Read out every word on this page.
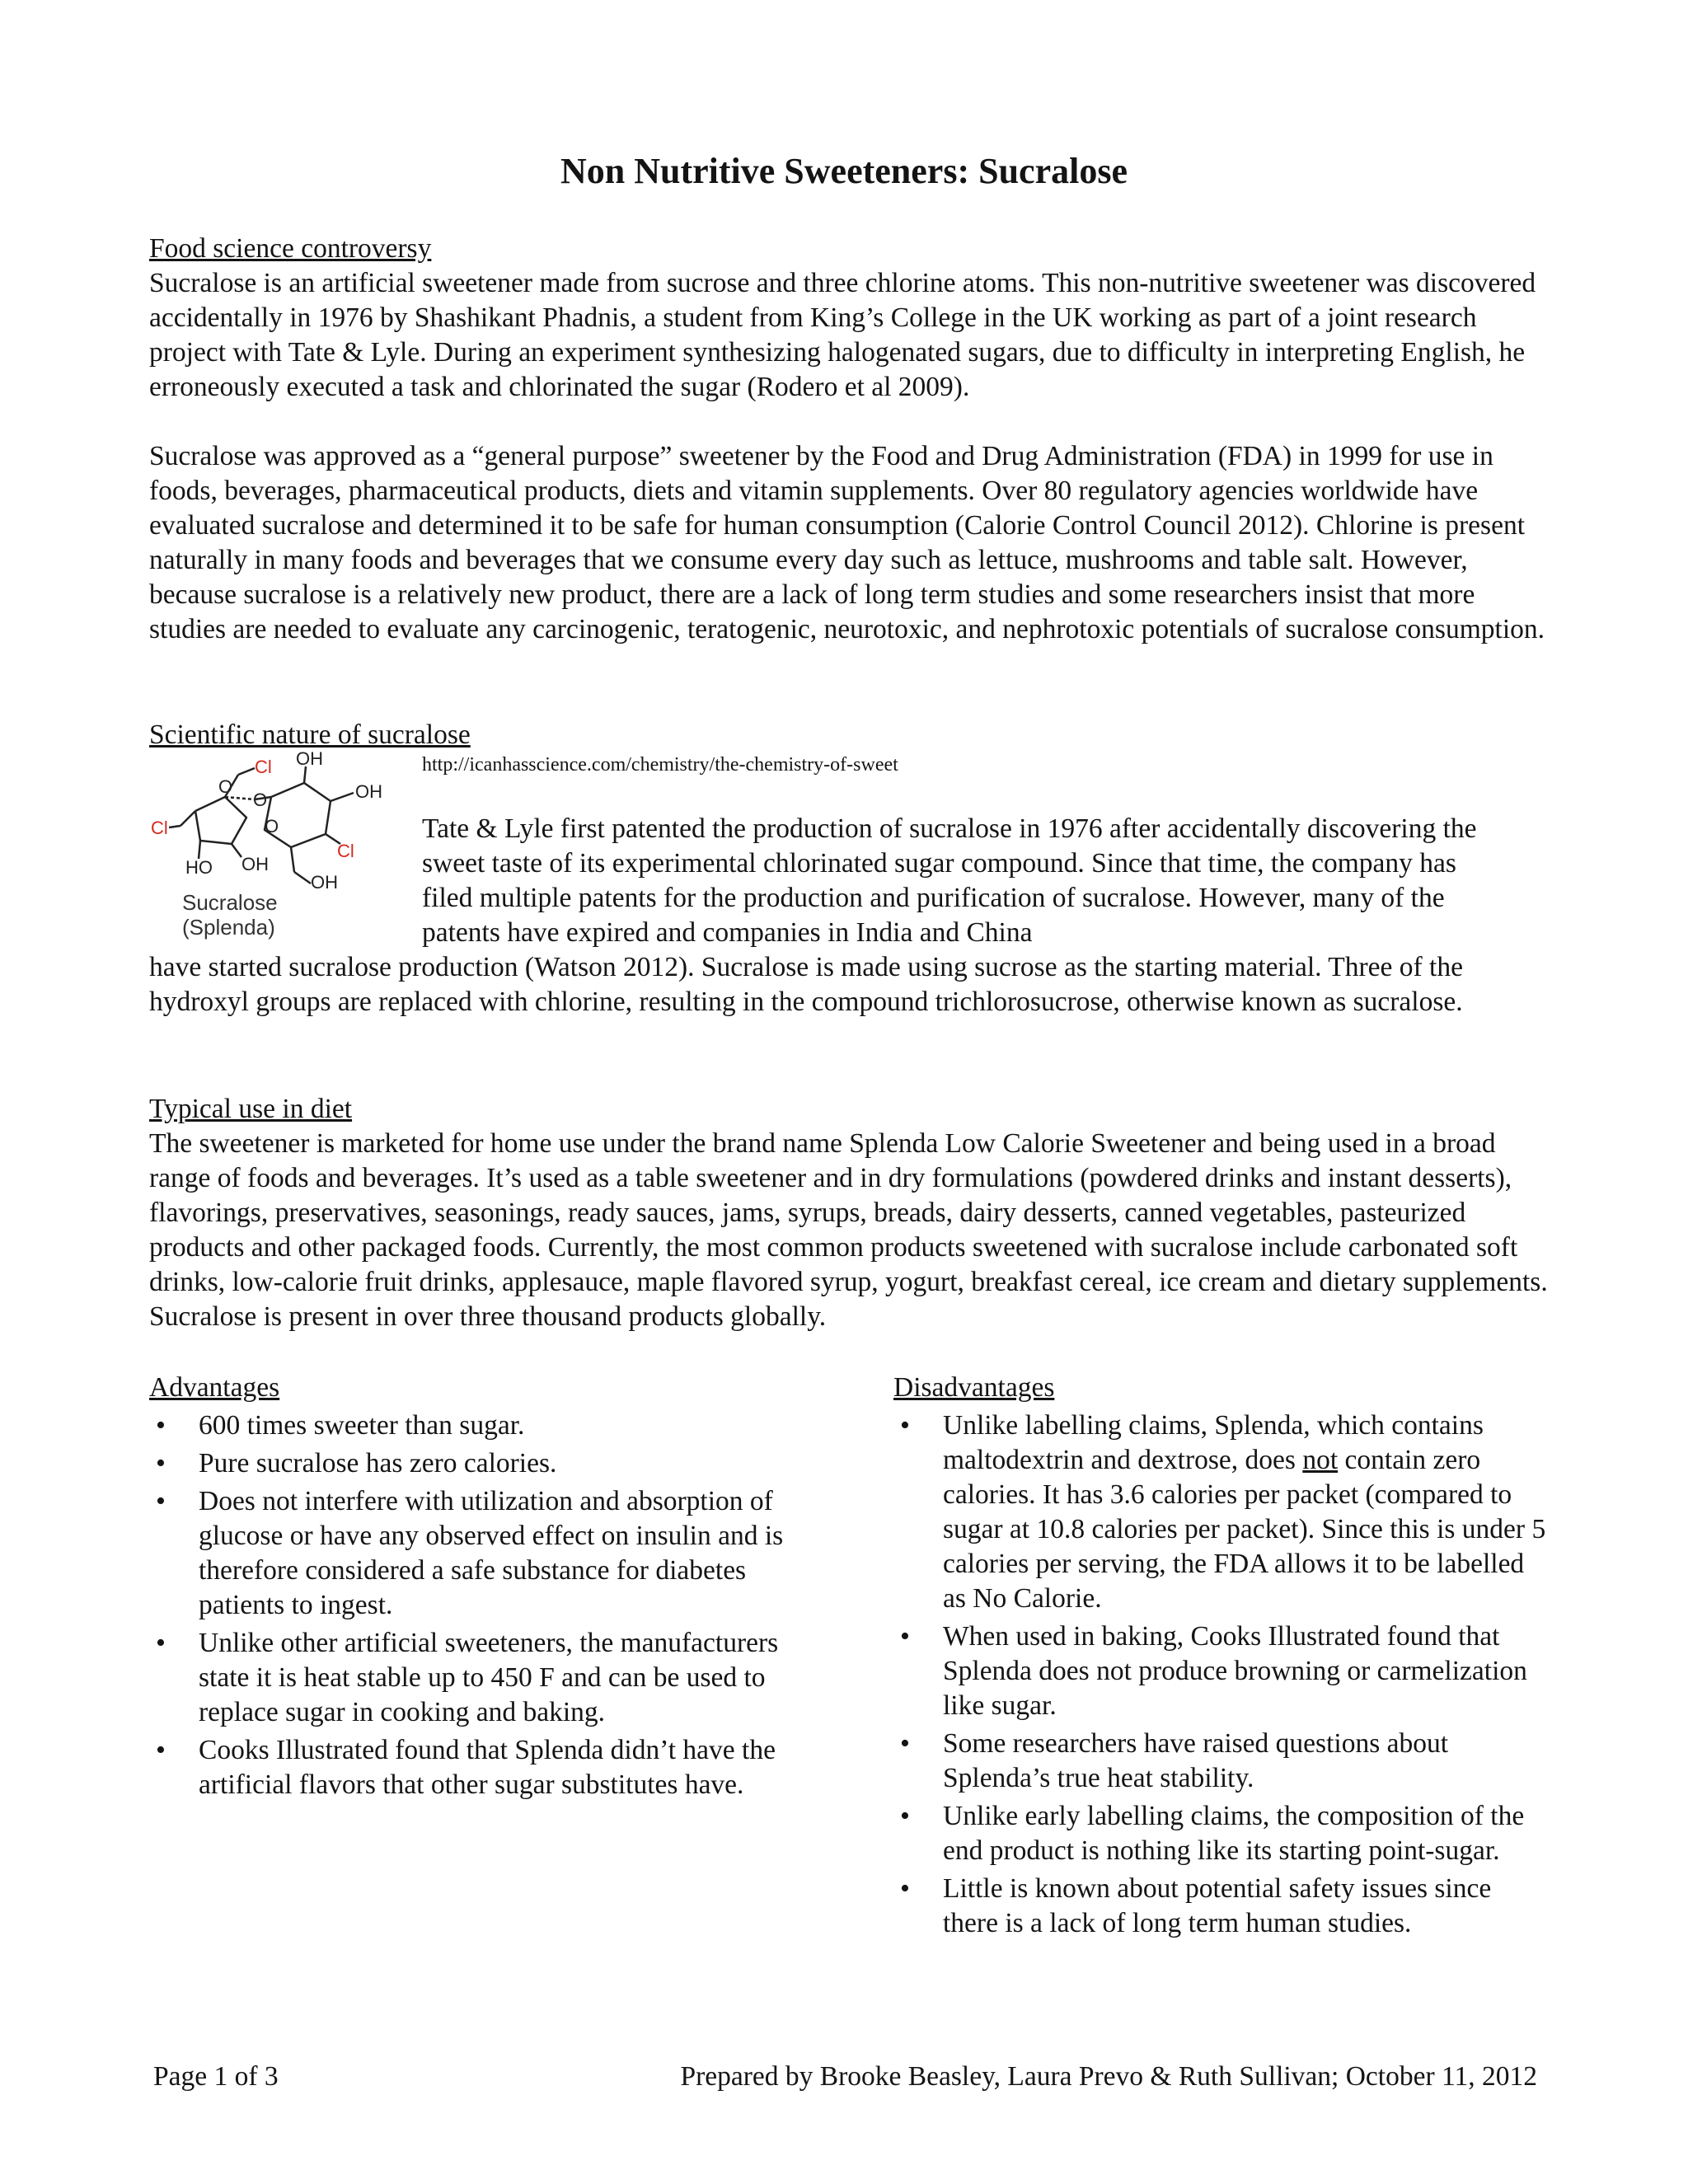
Non Nutritive Sweeteners: Sucralose
Food science controversy

Sucralose is an artificial sweetener made from sucrose and three chlorine atoms. This non-nutritive sweetener was discovered accidentally in 1976 by Shashikant Phadnis, a student from King’s College in the UK working as part of a joint research project with Tate & Lyle. During an experiment synthesizing halogenated sugars, due to difficulty in interpreting English, he erroneously executed a task and chlorinated the sugar (Rodero et al 2009).

Sucralose was approved as a “general purpose” sweetener by the Food and Drug Administration (FDA) in 1999 for use in foods, beverages, pharmaceutical products, diets and vitamin supplements. Over 80 regulatory agencies worldwide have evaluated sucralose and determined it to be safe for human consumption (Calorie Control Council 2012). Chlorine is present naturally in many foods and beverages that we consume every day such as lettuce, mushrooms and table salt. However, because sucralose is a relatively new product, there are a lack of long term studies and some researchers insist that more studies are needed to evaluate any carcinogenic, teratogenic, neurotoxic, and nephrotoxic potentials of sucralose consumption.

Scientific nature of sucralose
Cl OH
O
O	OH
Cl
OH
OH
Cl
HO
O
Sucralose
(Splenda)
http://icanhasscience.com/chemistry/the-chemistry-of-sweet
Tate & Lyle first patented the production of sucralose in 1976 after accidentally discovering the sweet taste of its experimental chlorinated sugar compound. Since that time, the company has filed multiple patents for the production and purification of sucralose. However, many of the patents have expired and companies in India and China
have started sucralose production (Watson 2012). Sucralose is made using sucrose as the starting material. Three of the hydroxyl groups are replaced with chlorine, resulting in the compound trichlorosucrose, otherwise known as sucralose.
Typical use in diet

The sweetener is marketed for home use under the brand name Splenda Low Calorie Sweetener and being used in a broad range of foods and beverages. It’s used as a table sweetener and in dry formulations (powdered drinks and instant desserts), flavorings, preservatives, seasonings, ready sauces, jams, syrups, breads, dairy desserts, canned vegetables, pasteurized products and other packaged foods. Currently, the most common products sweetened with sucralose include carbonated soft drinks, low-calorie fruit drinks, applesauce, maple flavored syrup, yogurt, breakfast cereal, ice cream and dietary supplements. Sucralose is present in over three thousand products globally.

Advantages
• 600 times sweeter than sugar.
• Pure sucralose has zero calories.
• Does not interfere with utilization and absorption of glucose or have any observed effect on insulin and is therefore considered a safe substance for diabetes patients to ingest.
• Unlike other artificial sweeteners, the manufacturers state it is heat stable up to 450 F and can be used to replace sugar in cooking and baking.
• Cooks Illustrated found that Splenda didn’t have the artificial flavors that other sugar substitutes have.
Disadvantages
• Unlike labelling claims, Splenda, which contains maltodextrin and dextrose, does not contain zero calories. It has 3.6 calories per packet (compared to sugar at 10.8 calories per packet). Since this is under 5 calories per serving, the FDA allows it to be labelled as No Calorie.
• When used in baking, Cooks Illustrated found that Splenda does not produce browning or carmelization like sugar.
• Some researchers have raised questions about Splenda’s true heat stability.
• Unlike early labelling claims, the composition of the end product is nothing like its starting point-sugar.
• Little is known about potential safety issues since there is a lack of long term human studies.
Page 1 of 3	Prepared by Brooke Beasley, Laura Prevo & Ruth Sullivan; October 11, 2012
